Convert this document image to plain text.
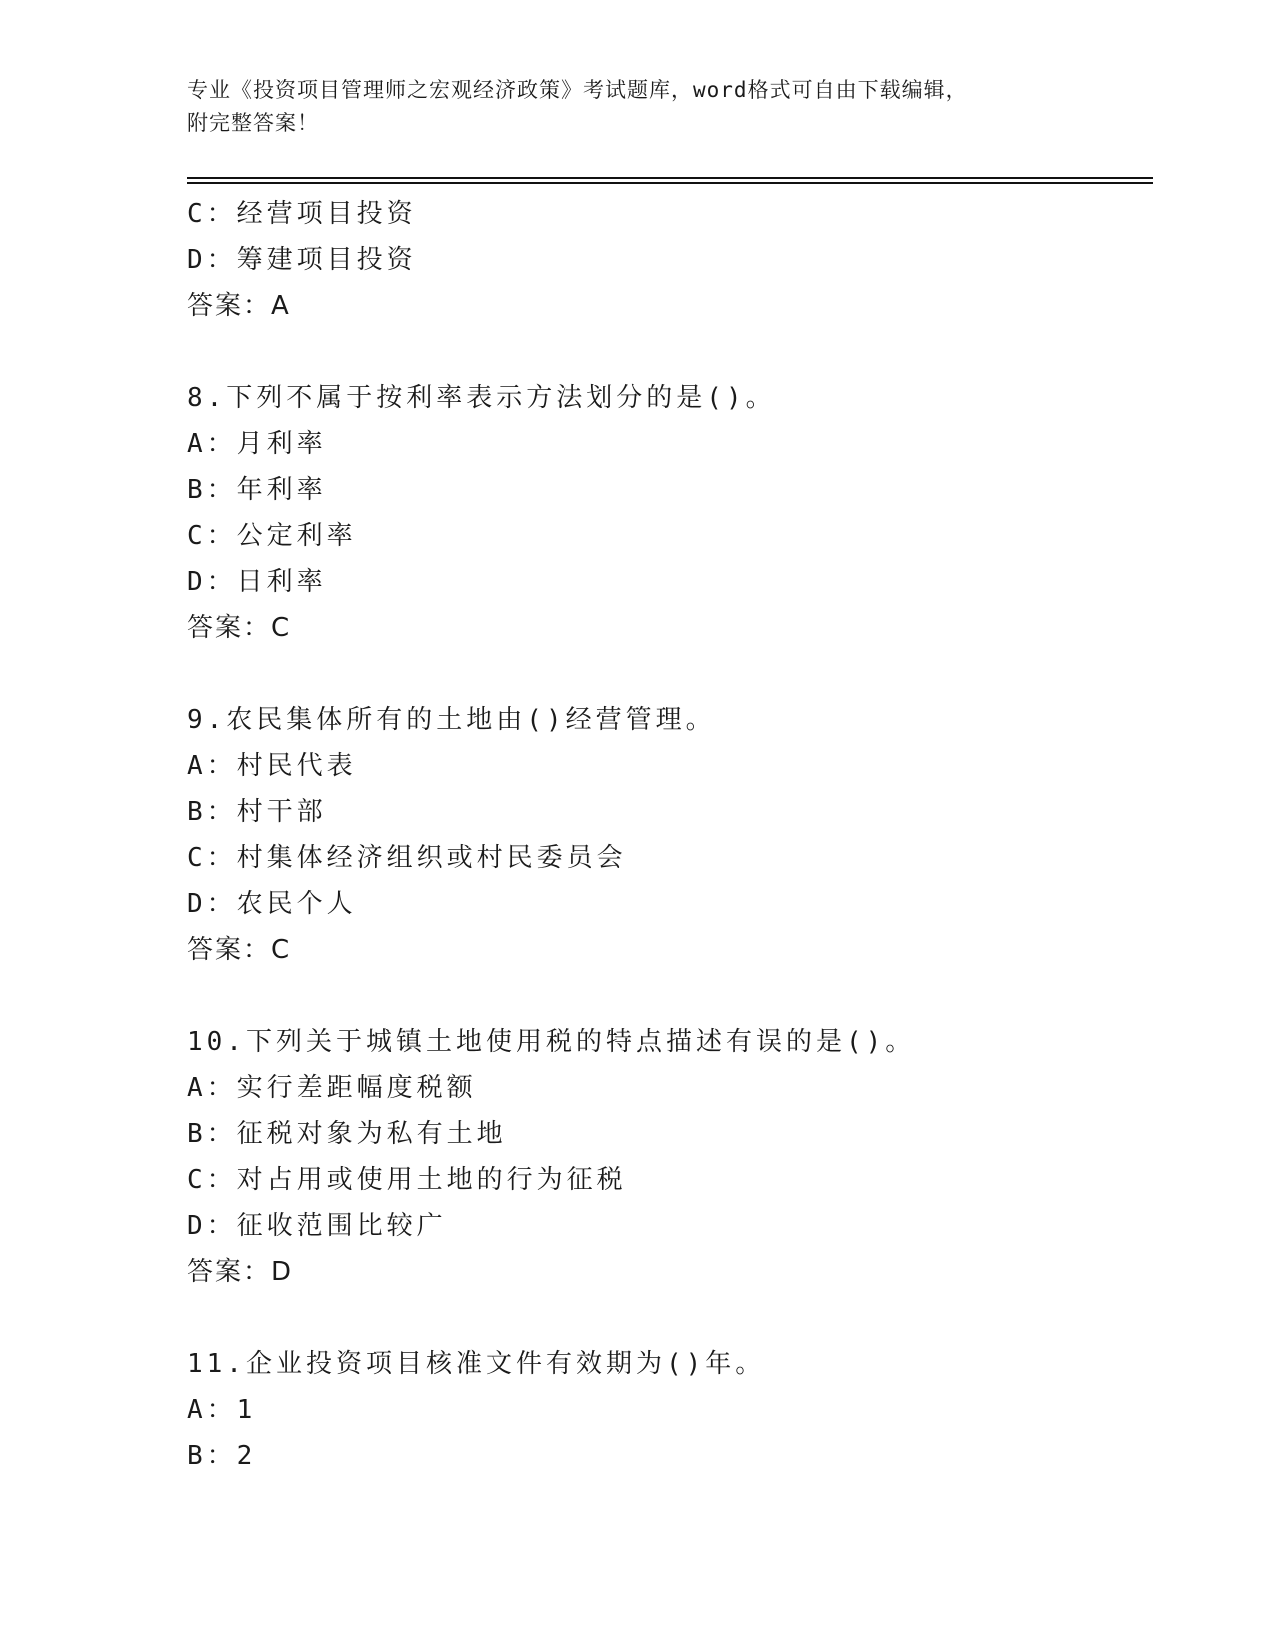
专业《投资项目管理师之宏观经济政策》考试题库，word格式可自由下载编辑，
附完整答案！
C：经营项目投资
D：筹建项目投资
答案：A
8.下列不属于按利率表示方法划分的是()。
A：月利率
B：年利率
C：公定利率
D：日利率
答案：C
9.农民集体所有的土地由()经营管理。
A：村民代表
B：村干部
C：村集体经济组织或村民委员会
D：农民个人
答案：C
10.下列关于城镇土地使用税的特点描述有误的是()。
A：实行差距幅度税额
B：征税对象为私有土地
C：对占用或使用土地的行为征税
D：征收范围比较广
答案：D
11.企业投资项目核准文件有效期为()年。
A：1
B：2
